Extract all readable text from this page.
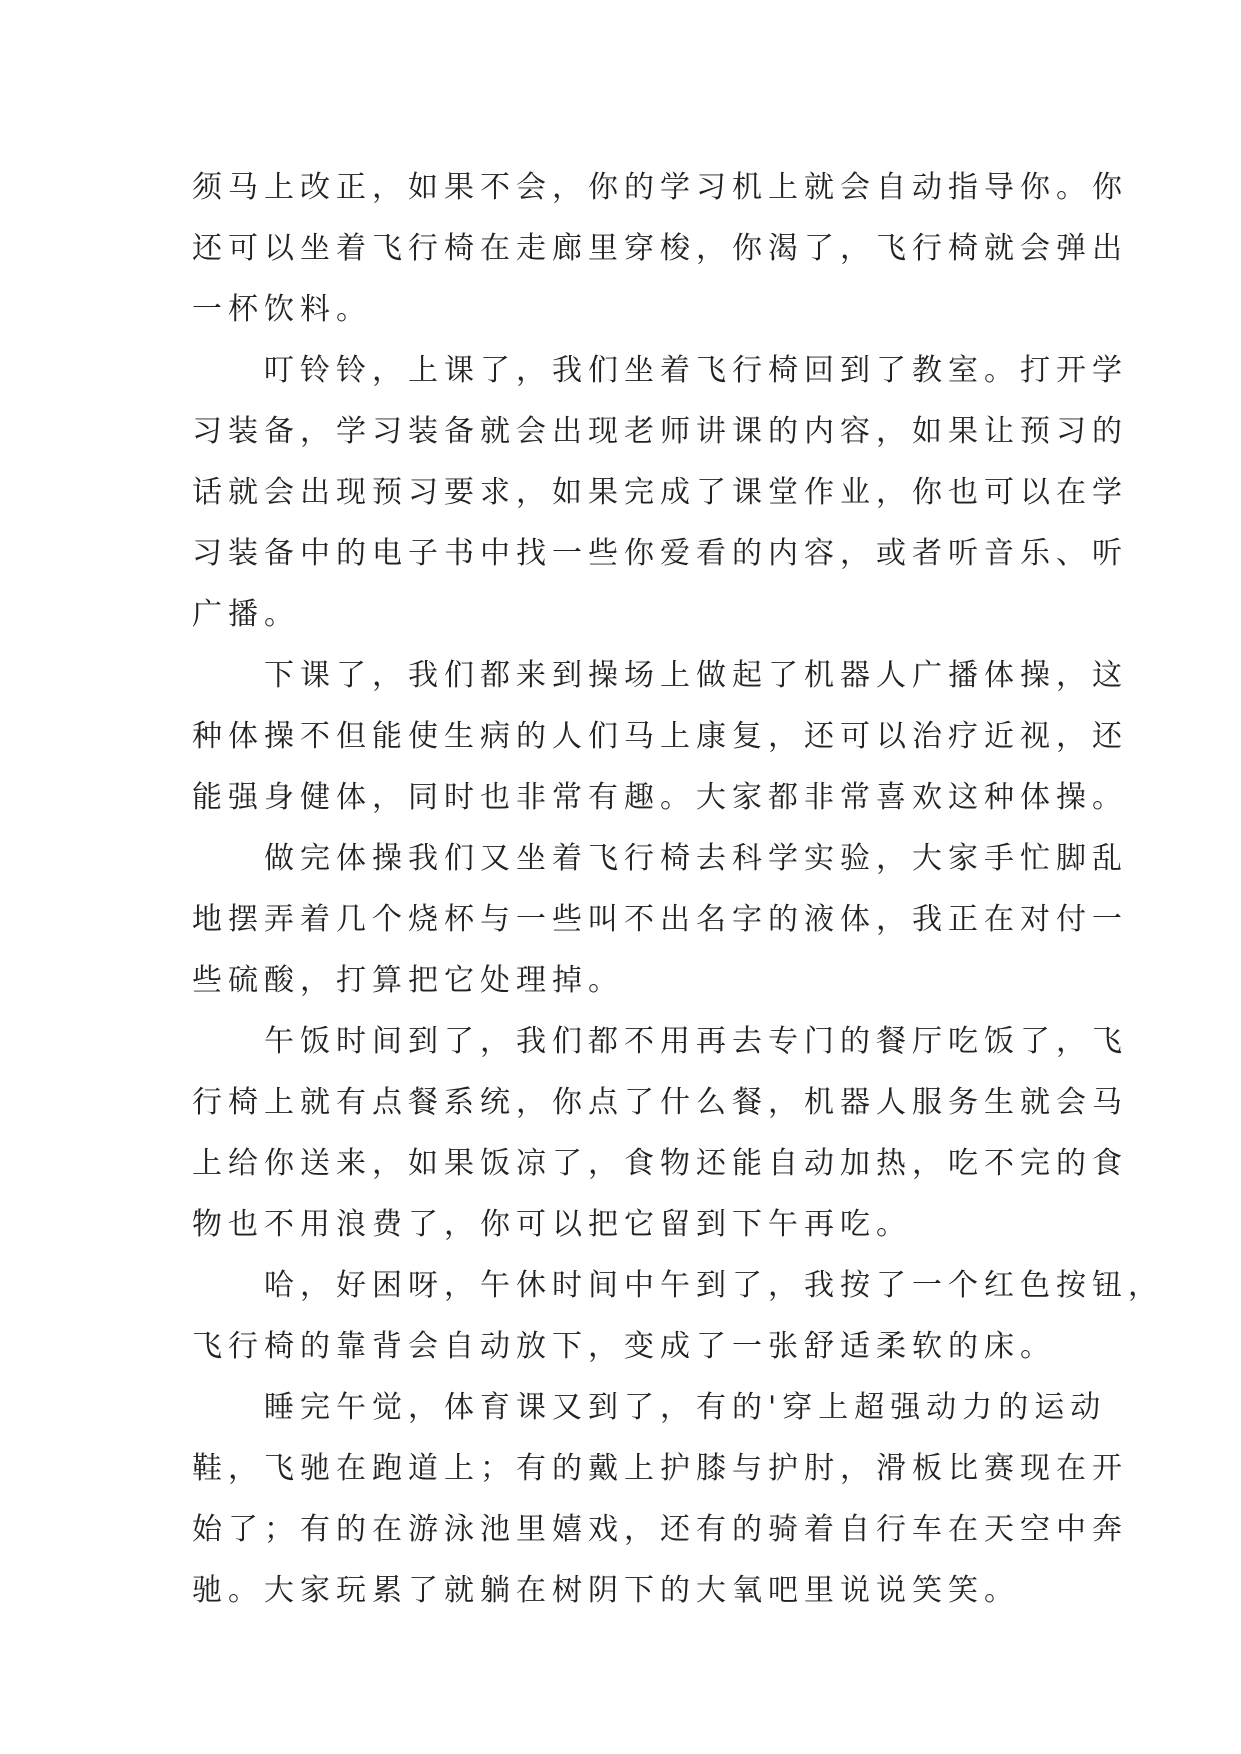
须马上改正，如果不会，你的学习机上就会自动指导你。你
还可以坐着飞行椅在走廊里穿梭，你渴了，飞行椅就会弹出
一杯饮料。
叮铃铃，上课了，我们坐着飞行椅回到了教室。打开学
习装备，学习装备就会出现老师讲课的内容，如果让预习的
话就会出现预习要求，如果完成了课堂作业，你也可以在学
习装备中的电子书中找一些你爱看的内容，或者听音乐、听
广播。
下课了，我们都来到操场上做起了机器人广播体操，这
种体操不但能使生病的人们马上康复，还可以治疗近视，还
能强身健体，同时也非常有趣。大家都非常喜欢这种体操。
做完体操我们又坐着飞行椅去科学实验，大家手忙脚乱
地摆弄着几个烧杯与一些叫不出名字的液体，我正在对付一
些硫酸，打算把它处理掉。
午饭时间到了，我们都不用再去专门的餐厅吃饭了，飞
行椅上就有点餐系统，你点了什么餐，机器人服务生就会马
上给你送来，如果饭凉了，食物还能自动加热，吃不完的食
物也不用浪费了，你可以把它留到下午再吃。
哈，好困呀，午休时间中午到了，我按了一个红色按钮，
飞行椅的靠背会自动放下，变成了一张舒适柔软的床。
睡完午觉，体育课又到了，有的'穿上超强动力的运动
鞋，飞驰在跑道上；有的戴上护膝与护肘，滑板比赛现在开
始了；有的在游泳池里嬉戏，还有的骑着自行车在天空中奔
驰。大家玩累了就躺在树阴下的大氧吧里说说笑笑。
